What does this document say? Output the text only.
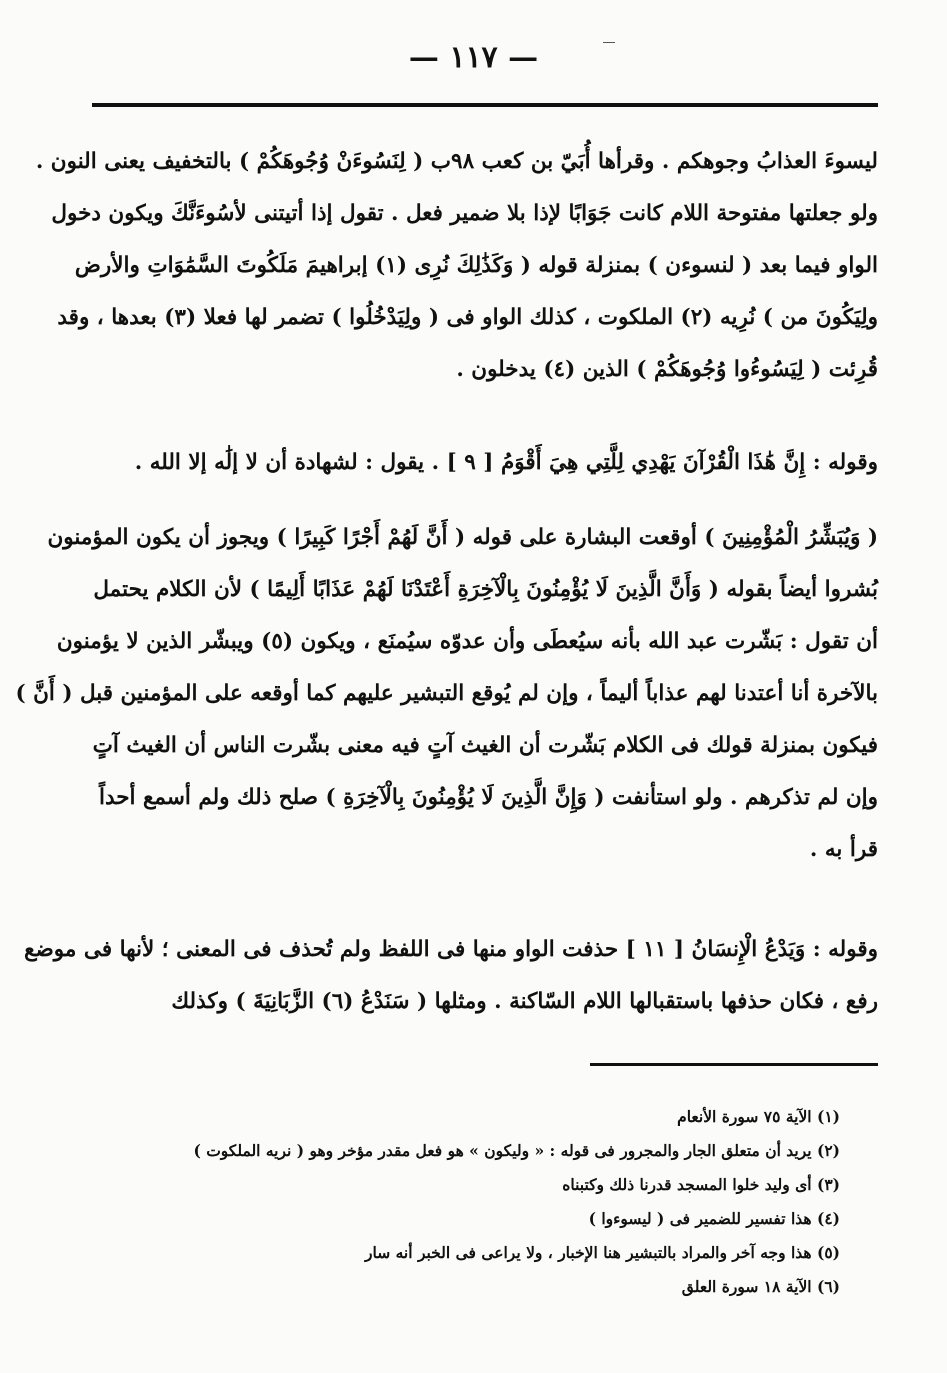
— ١١٧ —
ليسوءَ العذابُ وجوهكم . وقرأها أُبَيّ بن كعب ٩٨ب ( لِنَسُوءَنْ وُجُوهَكُمْ ) بالتخفيف يعنى النون .
ولو جعلتها مفتوحة اللام كانت جَوَابًا لإذا بلا ضمير فعل . تقول إذا أتيتنى لأسُوءَنَّكَ ويكون دخول
الواو فيما بعد ( لنسوءن ) بمنزلة قوله ( وَكَذَٰلِكَ نُرِى (١) إبراهيمَ مَلَكُوتَ السَّمَٰوَاتِ والأرض
ولِيَكُونَ من ) نُرِيه (٢) الملكوت ، كذلك الواو فى ( ولِيَدْخُلُوا ) تضمر لها فعلا (٣) بعدها ، وقد
قُرِئت ( لِيَسُوءُوا وُجُوهَكُمْ ) الذين (٤) يدخلون .
وقوله : إِنَّ هَٰذَا الْقُرْآنَ يَهْدِي لِلَّتِي هِيَ أَقْوَمُ [ ٩ ] . يقول : لشهادة أن لا إلَٰه إلا الله .
( وَيُبَشِّرُ الْمُؤْمِنِينَ ) أوقعت البشارة على قوله ( أَنَّ لَهُمْ أَجْرًا كَبِيرًا ) ويجوز أن يكون المؤمنون
بُشروا أيضاً بقوله ( وَأَنَّ الَّذِينَ لَا يُؤْمِنُونَ بِالْآخِرَةِ أَعْتَدْنَا لَهُمْ عَذَابًا أَلِيمًا ) لأن الكلام يحتمل
أن تقول : بَشّرت عبد الله بأنه سيُعطَى وأن عدوّه سيُمنَع ، ويكون (٥) ويبشّر الذين لا يؤمنون
بالآخرة أنا أعتدنا لهم عذاباً أليماً ، وإن لم يُوقع التبشير عليهم كما أوقعه على المؤمنين قبل ( أَنَّ )
فيكون بمنزلة قولك فى الكلام بَشّرت أن الغيث آتٍ فيه معنى بشّرت الناس أن الغيث آتٍ
وإن لم تذكرهم . ولو استأنفت ( وَإِنَّ الَّذِينَ لَا يُؤْمِنُونَ بِالْآخِرَةِ ) صلح ذلك ولم أسمع أحداً
قرأ به .
وقوله : وَيَدْعُ الْإِنسَانُ [ ١١ ] حذفت الواو منها فى اللفظ ولم تُحذف فى المعنى ؛ لأنها فى موضع
رفع ، فكان حذفها باستقبالها اللام السّاكنة . ومثلها ( سَنَدْعُ (٦) الزَّبَانِيَةَ ) وكذلك
(١) الآية ٧٥ سورة الأنعام
(٢) يريد أن متعلق الجار والمجرور فى قوله : « وليكون » هو فعل مقدر مؤخر وهو ( نريه الملكوت )
(٣) أى وليد خلوا المسجد قدرنا ذلك وكتبناه
(٤) هذا تفسير للضمير فى ( ليسوءوا )
(٥) هذا وجه آخر والمراد بالتبشير هنا الإخبار ، ولا يراعى فى الخبر أنه سار
(٦) الآية ١٨ سورة العلق
